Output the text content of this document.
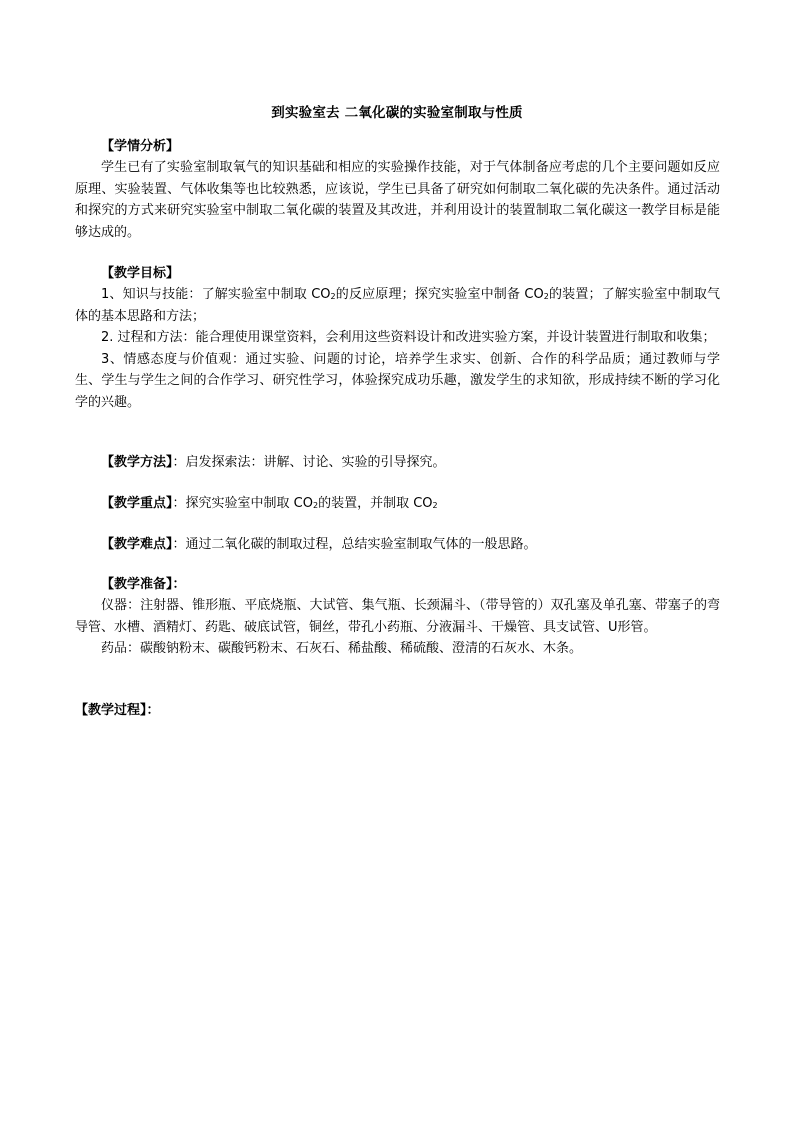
到实验室去 二氧化碳的实验室制取与性质
【学情分析】

学生已有了实验室制取氧气的知识基础和相应的实验操作技能，对于气体制备应考虑的几个主要问题如反应原理、实验装置、气体收集等也比较熟悉，应该说，学生已具备了研究如何制取二氧化碳的先决条件。通过活动和探究的方式来研究实验室中制取二氧化碳的装置及其改进，并利用设计的装置制取二氧化碳这一教学目标是能够达成的。

【教学目标】

1、知识与技能：了解实验室中制取 $CO_2$的反应原理；探究实验室中制备 $CO_2$的装置；了解实验室中制取气体的基本思路和方法；

2. 过程和方法：能合理使用课堂资料，会利用这些资料设计和改进实验方案，并设计装置进行制取和收集；

3、情感态度与价值观：通过实验、问题的讨论，培养学生求实、创新、合作的科学品质；通过教师与学生、学生与学生之间的合作学习、研究性学习，体验探究成功乐趣，激发学生的求知欲，形成持续不断的学习化学的兴趣。

【教学方法】：启发探索法：讲解、讨论、实验的引导探究。

【教学重点】：探究实验室中制取 $CO_2$的装置，并制取 $CO_2$

【教学难点】：通过二氧化碳的制取过程，总结实验室制取气体的一般思路。

【教学准备】：

仪器：注射器、锥形瓶、平底烧瓶、大试管、集气瓶、长颈漏斗、（带导管的）双孔塞及单孔塞、带塞子的弯导管、水槽、酒精灯、药匙、破底试管，铜丝，带孔小药瓶、分液漏斗、干燥管、具支试管、U形管。

药品：碳酸钠粉末、碳酸钙粉末、石灰石、稀盐酸、稀硫酸、澄清的石灰水、木条。

【教学过程】：
